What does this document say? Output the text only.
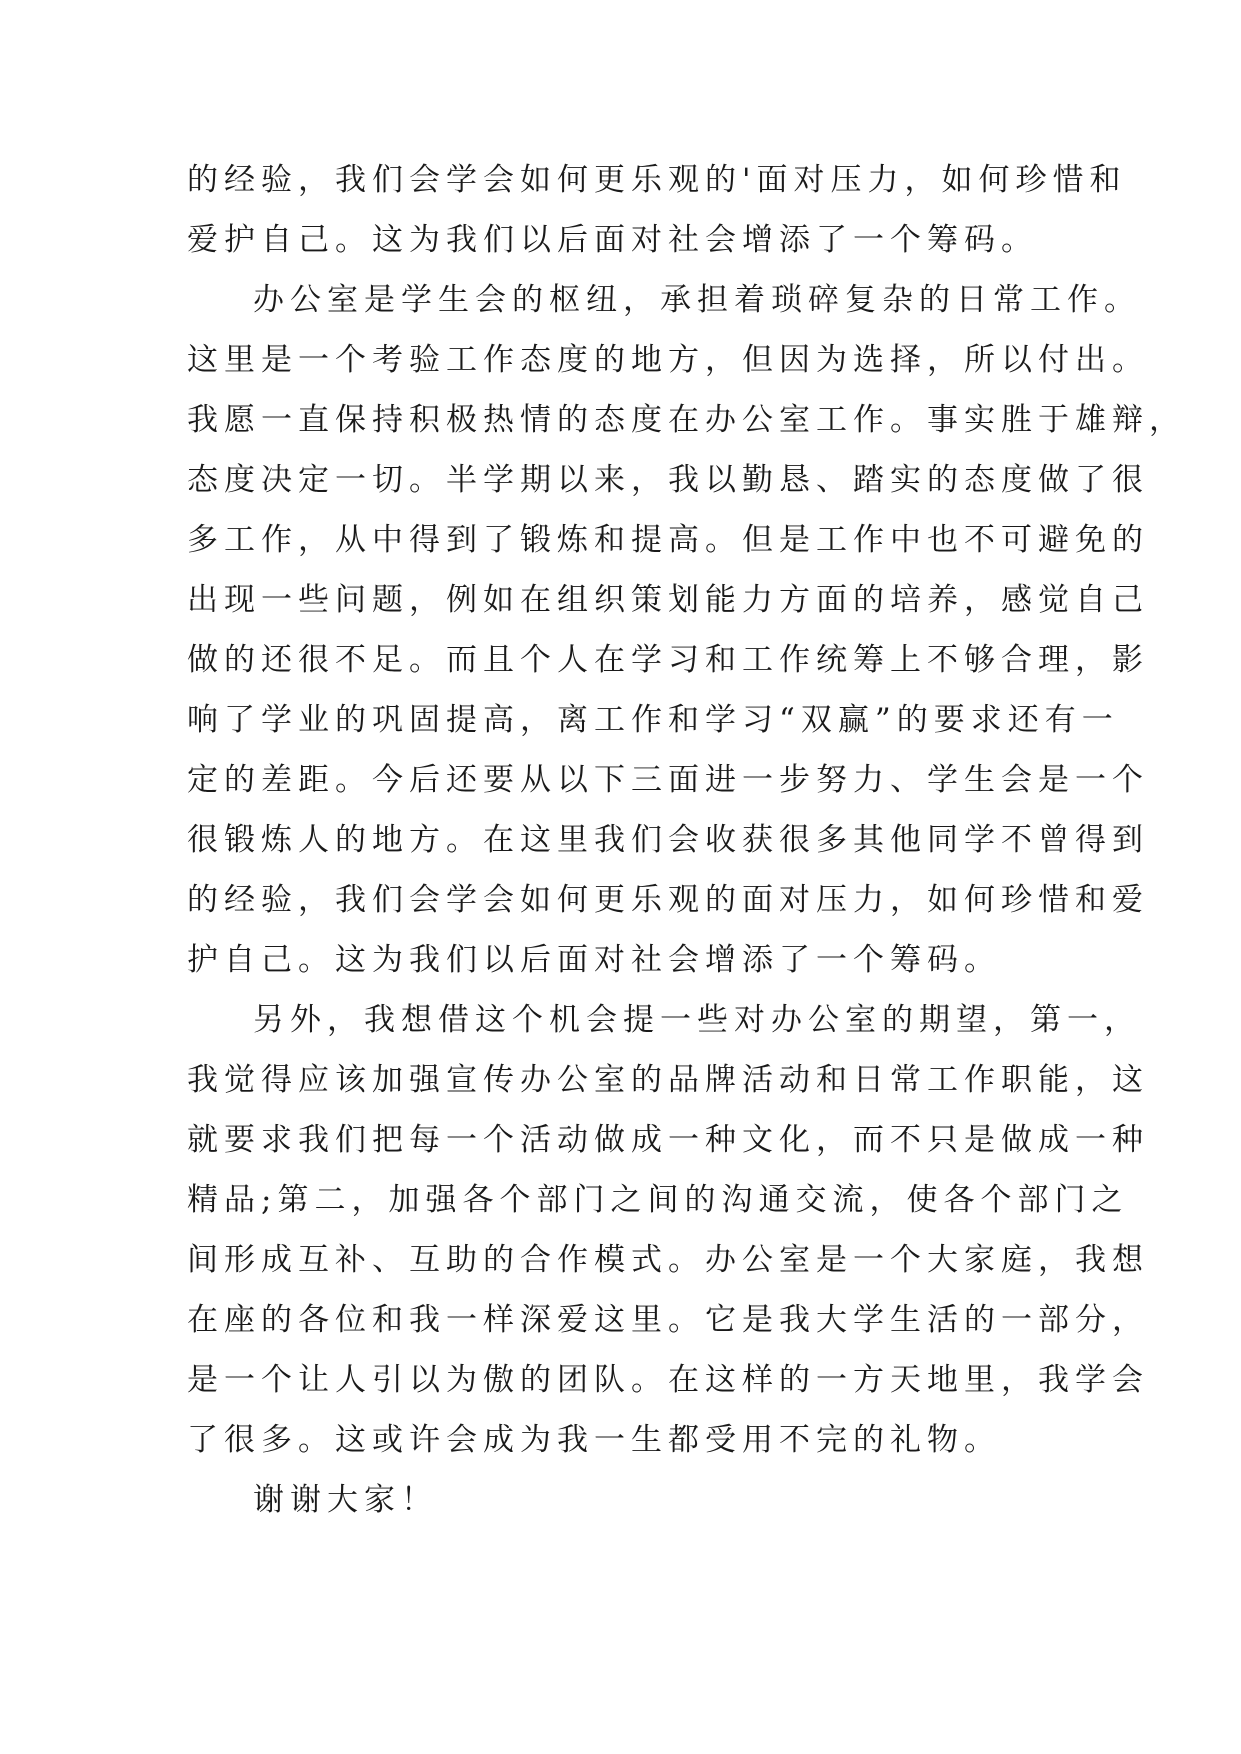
的经验，我们会学会如何更乐观的'面对压力，如何珍惜和
爱护自己。这为我们以后面对社会增添了一个筹码。
办公室是学生会的枢纽，承担着琐碎复杂的日常工作。
这里是一个考验工作态度的地方，但因为选择，所以付出。
我愿一直保持积极热情的态度在办公室工作。事实胜于雄辩，
态度决定一切。半学期以来，我以勤恳、踏实的态度做了很
多工作，从中得到了锻炼和提高。但是工作中也不可避免的
出现一些问题，例如在组织策划能力方面的培养，感觉自己
做的还很不足。而且个人在学习和工作统筹上不够合理，影
响了学业的巩固提高，离工作和学习“双赢”的要求还有一
定的差距。今后还要从以下三面进一步努力、学生会是一个
很锻炼人的地方。在这里我们会收获很多其他同学不曾得到
的经验，我们会学会如何更乐观的面对压力，如何珍惜和爱
护自己。这为我们以后面对社会增添了一个筹码。
另外，我想借这个机会提一些对办公室的期望，第一，
我觉得应该加强宣传办公室的品牌活动和日常工作职能，这
就要求我们把每一个活动做成一种文化，而不只是做成一种
精品;第二，加强各个部门之间的沟通交流，使各个部门之
间形成互补、互助的合作模式。办公室是一个大家庭，我想
在座的各位和我一样深爱这里。它是我大学生活的一部分，
是一个让人引以为傲的团队。在这样的一方天地里，我学会
了很多。这或许会成为我一生都受用不完的礼物。
谢谢大家！
